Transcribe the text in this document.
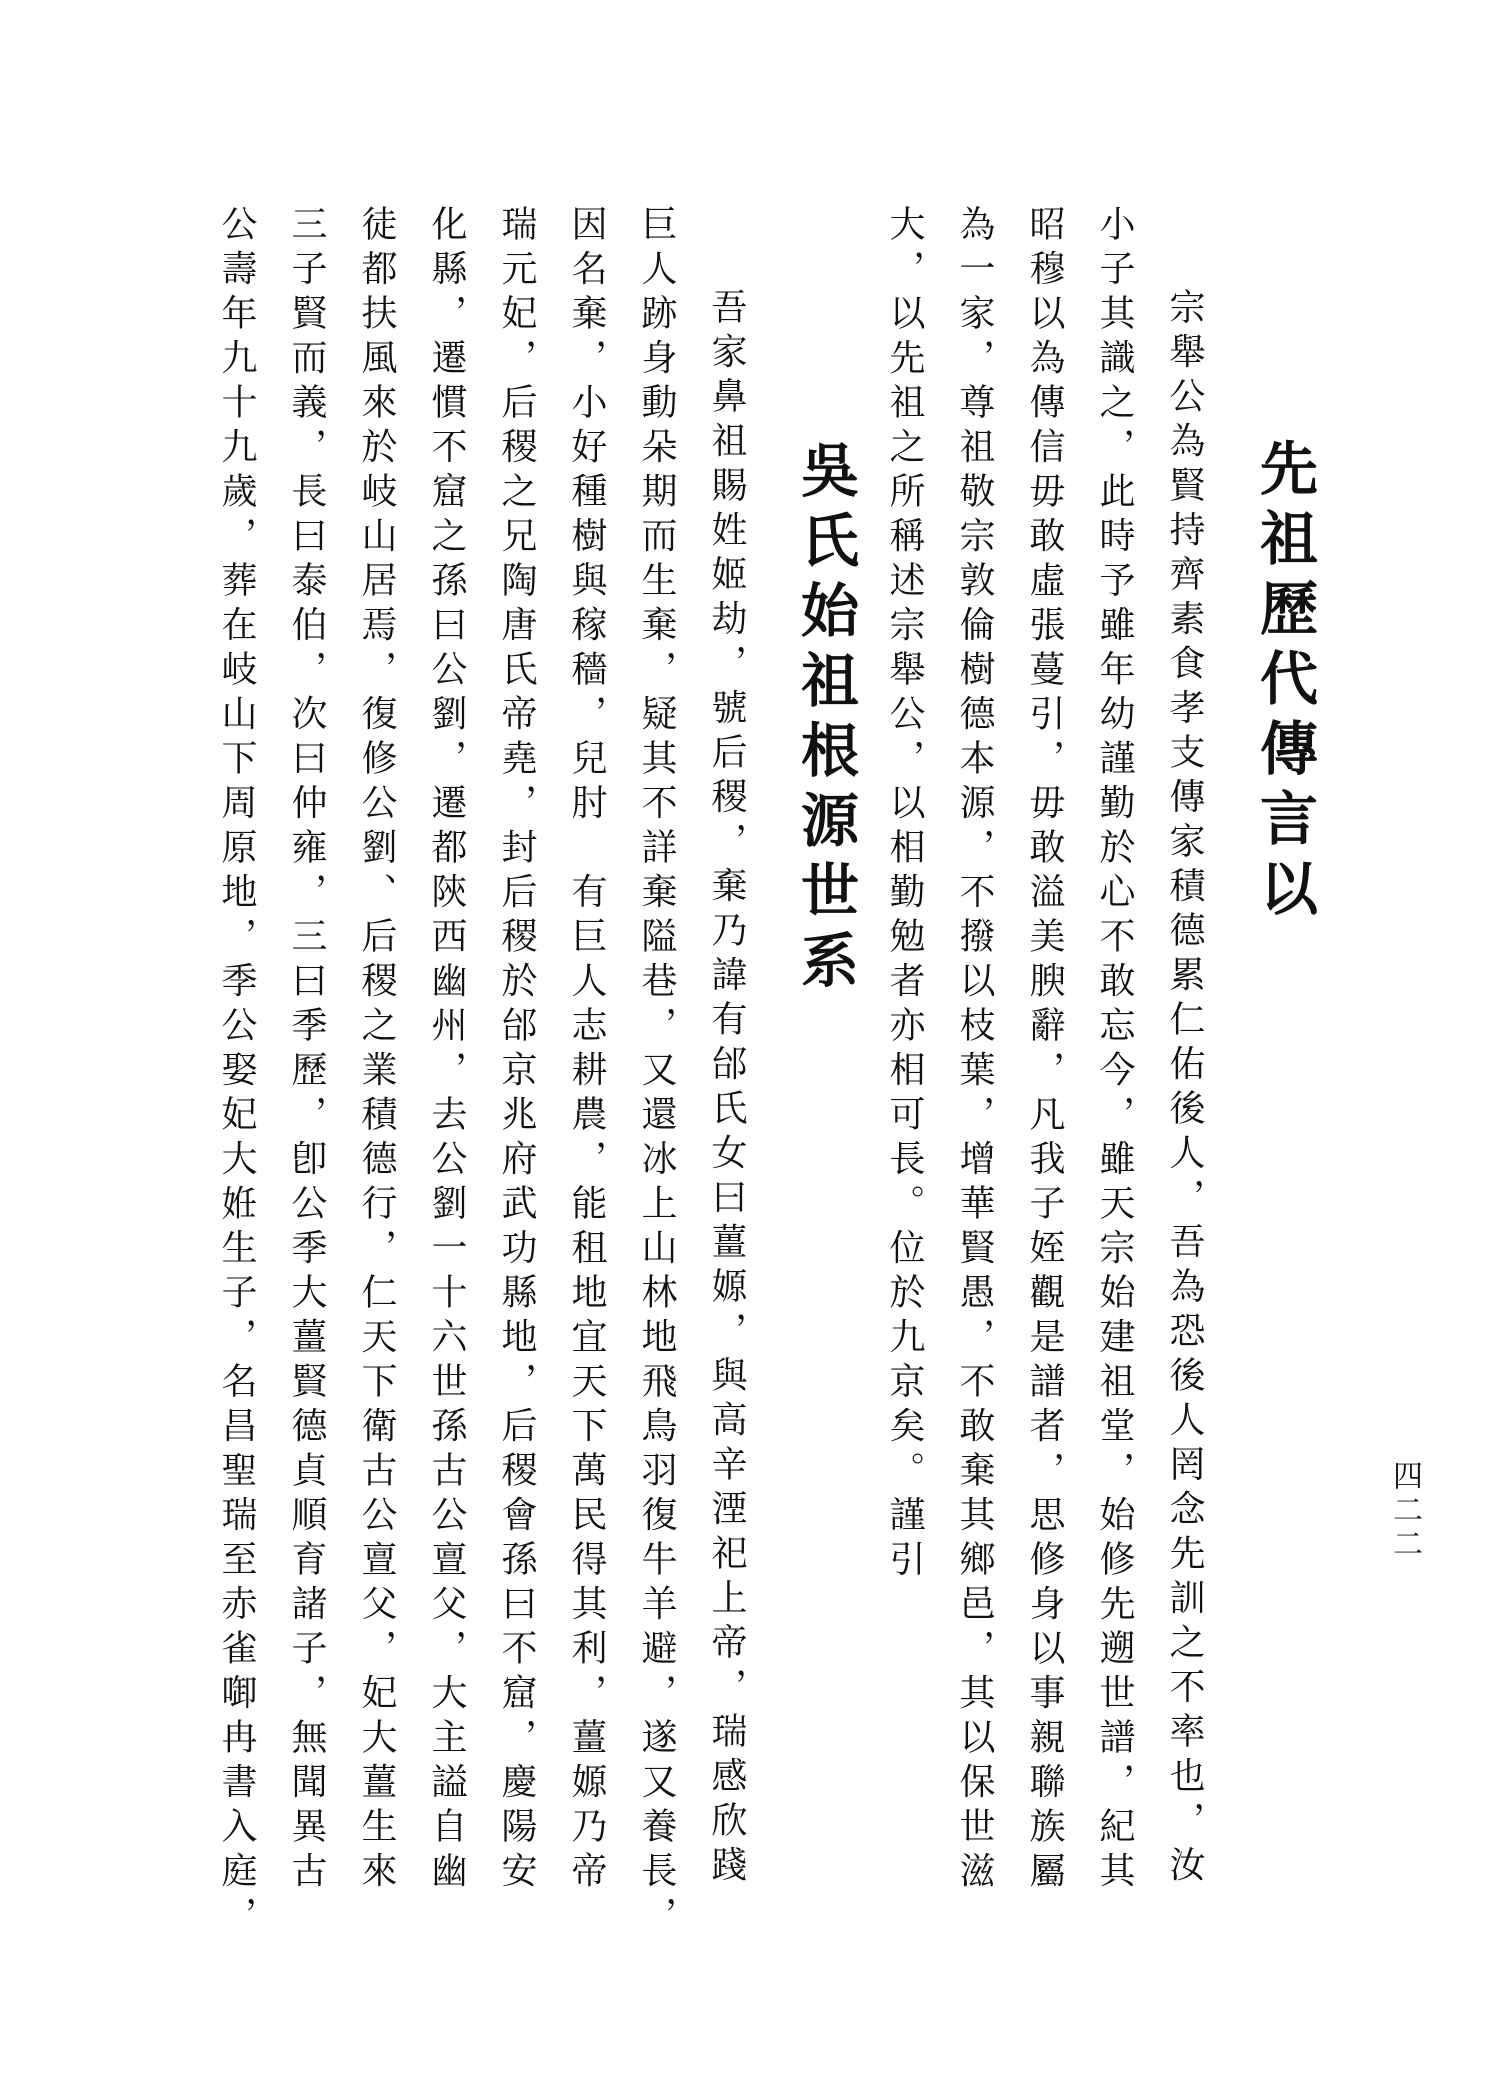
四二二
先祖歷代傳言以
宗舉公為賢持齊素食孝支傳家積德累仁佑後人，吾為恐後人罔念先訓之不率也，汝
小子其識之，此時予雖年幼謹勤於心不敢忘今，雖天宗始建祖堂，始修先遡世譜，紀其
昭穆以為傳信毋敢虛張蔓引，毋敢溢美腴辭，凡我子姪觀是譜者，思修身以事親聯族屬
為一家，尊祖敬宗敦倫樹德本源，不撥以枝葉，增華賢愚，不敢棄其鄉邑，其以保世滋
大，以先祖之所稱述宗舉公，以相勤勉者亦相可長。位於九京矣。謹引
吳氏始祖根源世系
吾家鼻祖賜姓姬劫，號后稷，棄乃諱有邰氏女曰薑嫄，與高辛湮祀上帝，瑞感欣踐
巨人跡身動朵期而生棄，疑其不詳棄隘巷，又還冰上山林地飛鳥羽復牛羊避，遂又養長，
因名棄，小好種樹與稼穡，兒肘　有巨人志耕農，能租地宜天下萬民得其利，薑嫄乃帝
瑞元妃，后稷之兄陶唐氏帝堯，封后稷於邰京兆府武功縣地，后稷會孫曰不窟，慶陽安
化縣，遷慣不窟之孫曰公劉，遷都陝西幽州，去公劉一十六世孫古公亶父，大主謚自幽
徒都扶風來於岐山居焉，復修公劉、后稷之業積德行，仁天下衛古公亶父，妃大薑生來
三子賢而義，長曰泰伯，次曰仲雍，三曰季歷，卽公季大薑賢德貞順育諸子，無聞異古
公壽年九十九歲，葬在岐山下周原地，季公娶妃大姙生子，名昌聖瑞至赤雀啣冉書入庭，
